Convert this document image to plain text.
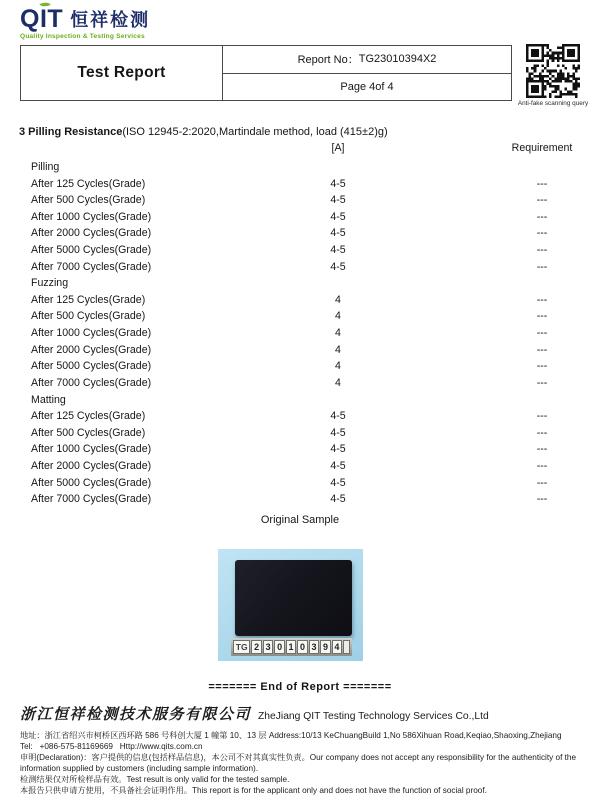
Q I T 恒祥检测
Quality Inspection & Testing Services
Test Report
Report No： TG23010394X2
Page 4of 4
Anti-fake scanning query
3 Pilling Resistance(ISO 12945-2:2020,Martindale method, load (415±2)g)
[A]	Requirement
Pilling
After 125 Cycles(Grade)	4-5	---
After 500 Cycles(Grade)	4-5	---
After 1000 Cycles(Grade)	4-5	---
After 2000 Cycles(Grade)	4-5	---
After 5000 Cycles(Grade)	4-5	---
After 7000 Cycles(Grade)	4-5	---
Fuzzing
After 125 Cycles(Grade)	4	---
After 500 Cycles(Grade)	4	---
After 1000 Cycles(Grade)	4	---
After 2000 Cycles(Grade)	4	---
After 5000 Cycles(Grade)	4	---
After 7000 Cycles(Grade)	4	---
Matting
After 125 Cycles(Grade)	4-5	---
After 500 Cycles(Grade)	4-5	---
After 1000 Cycles(Grade)	4-5	---
After 2000 Cycles(Grade)	4-5	---
After 5000 Cycles(Grade)	4-5	---
After 7000 Cycles(Grade)	4-5	---
Original Sample
TG 2 3 0 1 0 3 9 4
======= End of Report =======
浙江恒祥检测技术服务有限公司 ZheJiang QIT Testing Technology Services Co.,Ltd
地址：浙江省绍兴市柯桥区西环路 586 号科创大厦 1 幢第 10、13 层 Address:10/13 KeChuangBuild 1,No 586Xihuan Road,Keqiao,Shaoxing,Zhejiang
Tel:   +086-575-81169669   Http://www.qits.com.cn
申明(Declaration)：客户提供的信息(包括样品信息)，本公司不对其真实性负责。Our company does not accept any responsibility for the authenticity of the
information supplied by customers (including sample information).
检测结果仅对所检样品有效。Test result is only valid for the tested sample.
本报告只供申请方使用，不具备社会证明作用。This report is for the applicant only and does not have the function of social proof.
